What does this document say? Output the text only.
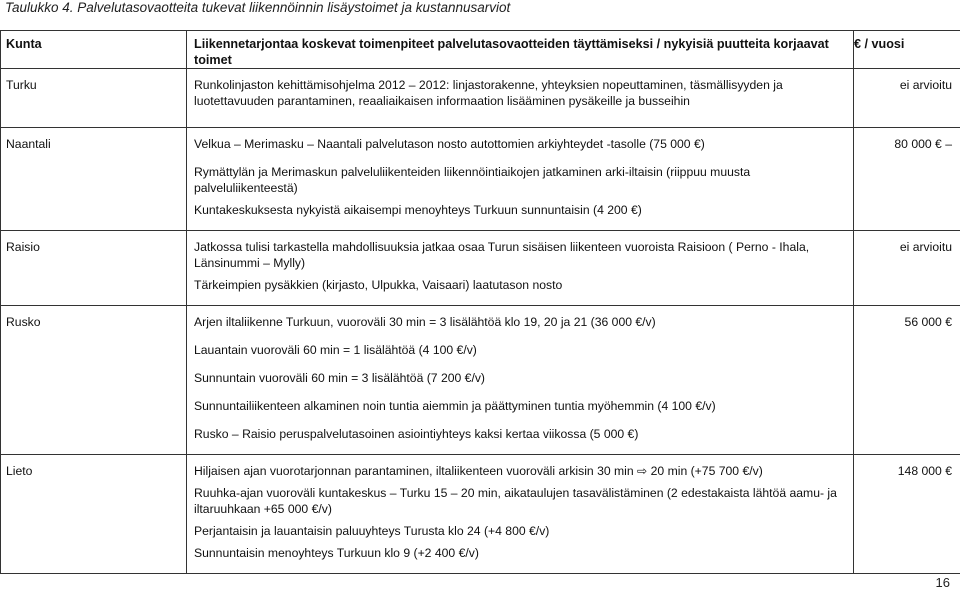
Taulukko 4. Palvelutasovaotteita tukevat liikennöinnin lisäystoimet ja kustannusarviot
Kunta	Liikennetarjontaa koskevat toimenpiteet palvelutasovaotteiden täyttämiseksi / nykyisiä puutteita korjaavat toimet	€ / vuosi
Turku	Runkolinjaston kehittämisohjelma 2012 – 2012: linjastorakenne, yhteyksien nopeuttaminen, täsmällisyyden ja luotettavuuden parantaminen, reaaliaikaisen informaation lisääminen pysäkeille ja busseihin	ei arvioitu
Naantali	Velkua – Merimasku – Naantali palvelutason nosto autottomien arkiyhteydet -tasolle (75 000 €)
Rymättylän ja Merimaskun palveluliikenteiden liikennöintiaikojen jatkaminen arki-iltaisin (riippuu muusta palveluliikenteestä)
Kuntakeskuksesta nykyistä aikaisempi menoyhteys Turkuun sunnuntaisin (4 200 €)	80 000 € –
Raisio	Jatkossa tulisi tarkastella mahdollisuuksia jatkaa osaa Turun sisäisen liikenteen vuoroista Raisioon ( Perno - Ihala, Länsinummi – Mylly)
Tärkeimpien pysäkkien (kirjasto, Ulpukka, Vaisaari) laatutason nosto	ei arvioitu
Rusko	Arjen iltaliikenne Turkuun, vuoroväli 30 min = 3 lisälähtöä klo 19, 20 ja 21 (36 000 €/v)
Lauantain vuoroväli 60 min = 1 lisälähtöä (4 100 €/v)
Sunnuntain vuoroväli 60 min = 3 lisälähtöä (7 200 €/v)
Sunnuntailiikenteen alkaminen noin tuntia aiemmin ja päättyminen tuntia myöhemmin (4 100 €/v)
Rusko – Raisio peruspalvelutasoinen asiointiyhteys kaksi kertaa viikossa (5 000 €)	56 000 €
Lieto	Hiljaisen ajan vuorotarjonnan parantaminen, iltaliikenteen vuoroväli arkisin 30 min ⇨ 20 min (+75 700 €/v)
Ruuhka-ajan vuoroväli kuntakeskus – Turku 15 – 20 min, aikataulujen tasavälistäminen (2 edestakaista lähtöä aamu- ja iltaruuhkaan +65 000 €/v)
Perjantaisin ja lauantaisin paluuyhteys Turusta klo 24 (+4 800 €/v)
Sunnuntaisin menoyhteys Turkuun klo 9 (+2 400 €/v)	148 000 €
16
